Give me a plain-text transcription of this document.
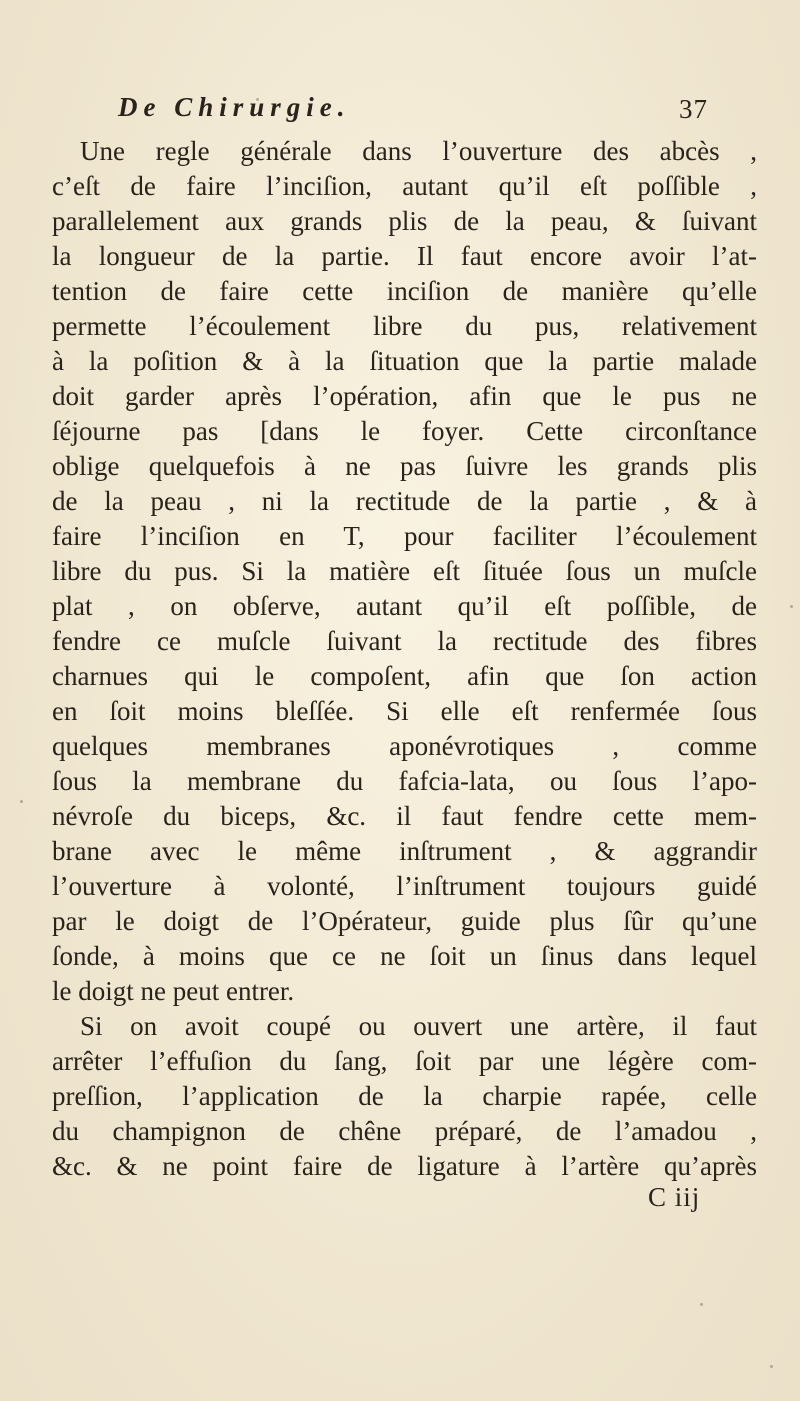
De Chirurgie.	37
Une regle générale dans l’ouverture des abcès ,
c’eſt de faire l’inciſion, autant qu’il eſt poſſible ,
parallelement aux grands plis de la peau, & ſuivant
la longueur de la partie. Il faut encore avoir l’at-
tention de faire cette inciſion de manière qu’elle
permette l’écoulement libre du pus, relativement
à la poſition & à la ſituation que la partie malade
doit garder après l’opération, afin que le pus ne
ſéjourne pas [dans le foyer. Cette circonſtance
oblige quelquefois à ne pas ſuivre les grands plis
de la peau , ni la rectitude de la partie , & à
faire l’inciſion en T, pour faciliter l’écoulement
libre du pus. Si la matière eſt ſituée ſous un muſcle
plat , on obſerve, autant qu’il eſt poſſible, de
fendre ce muſcle ſuivant la rectitude des fibres
charnues qui le compoſent, afin que ſon action
en ſoit moins bleſſée. Si elle eſt renfermée ſous
quelques membranes aponévrotiques , comme
ſous la membrane du fafcia-lata, ou ſous l’apo-
névroſe du biceps, &c. il faut fendre cette mem-
brane avec le même inſtrument , & aggrandir
l’ouverture à volonté, l’inſtrument toujours guidé
par le doigt de l’Opérateur, guide plus ſûr qu’une
ſonde, à moins que ce ne ſoit un ſinus dans lequel
le doigt ne peut entrer.
Si on avoit coupé ou ouvert une artère, il faut
arrêter l’effuſion du ſang, ſoit par une légère com-
preſſion, l’application de la charpie rapée, celle
du champignon de chêne préparé, de l’amadou ,
&c. & ne point faire de ligature à l’artère qu’après
C iij
